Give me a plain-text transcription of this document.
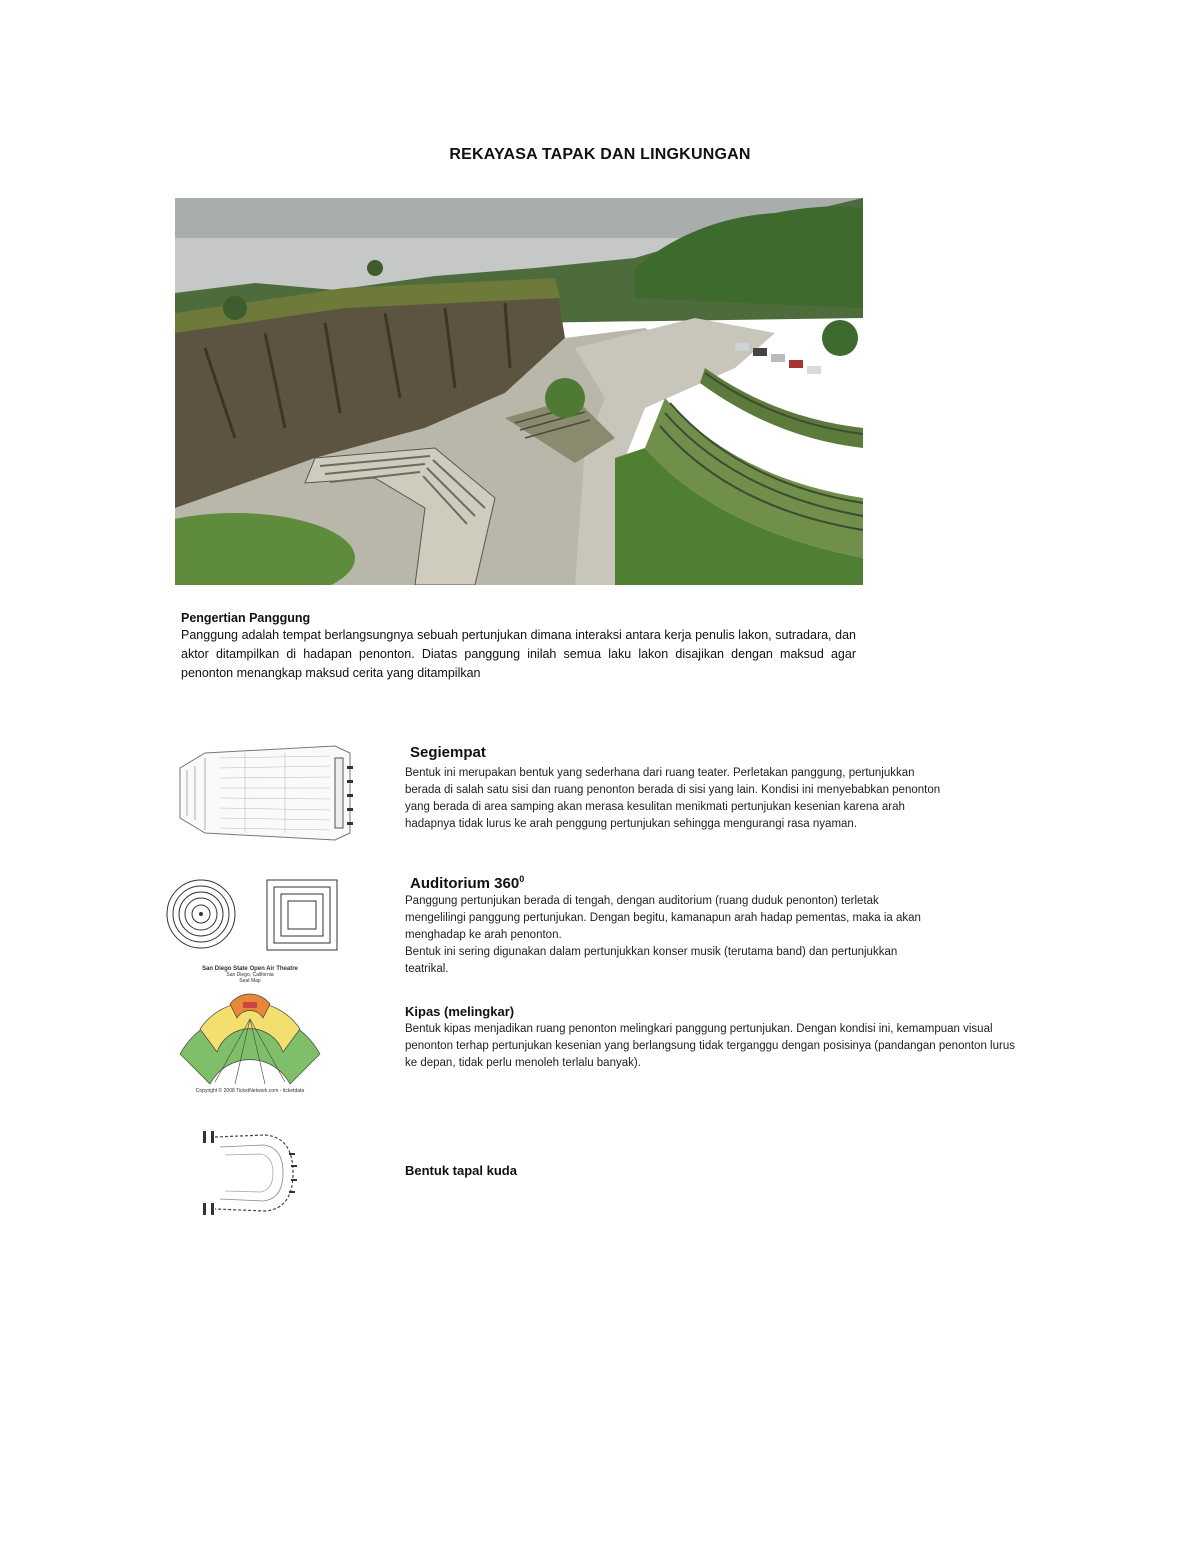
REKAYASA TAPAK DAN LINGKUNGAN
Pengertian Panggung
Panggung adalah tempat berlangsungnya sebuah pertunjukan dimana interaksi antara kerja penulis lakon, sutradara, dan aktor ditampilkan di hadapan penonton. Diatas panggung inilah semua laku lakon disajikan dengan maksud agar penonton menangkap maksud cerita yang ditampilkan
Segiempat
Bentuk ini merupakan bentuk yang sederhana dari ruang teater. Perletakan panggung, pertunjukkan berada di salah satu sisi dan ruang penonton berada di sisi yang lain. Kondisi ini menyebabkan penonton yang berada di area samping akan merasa kesulitan menikmati pertunjukan kesenian karena arah hadapnya tidak lurus ke arah penggung pertunjukan sehingga mengurangi rasa nyaman.
Auditorium $360^0$
Panggung pertunjukan berada di tengah, dengan auditorium (ruang duduk penonton) terletak mengelilingi panggung pertunjukan. Dengan begitu, kamanapun arah hadap pementas, maka ia akan menghadap ke arah penonton.
Bentuk ini sering digunakan dalam pertunjukkan konser musik (terutama band) dan pertunjukkan teatrikal.
San Diego State Open Air Theatre
San Diego, California
Seat Map
Copyright © 2008 TicketNetwork.com - ticketdata
Kipas (melingkar)
Bentuk kipas menjadikan ruang penonton melingkari panggung pertunjukan. Dengan kondisi ini, kemampuan visual penonton terhap pertunjukan kesenian yang berlangsung tidak terganggu dengan posisinya (pandangan penonton lurus ke depan, tidak perlu menoleh terlalu banyak).
Bentuk tapal kuda
